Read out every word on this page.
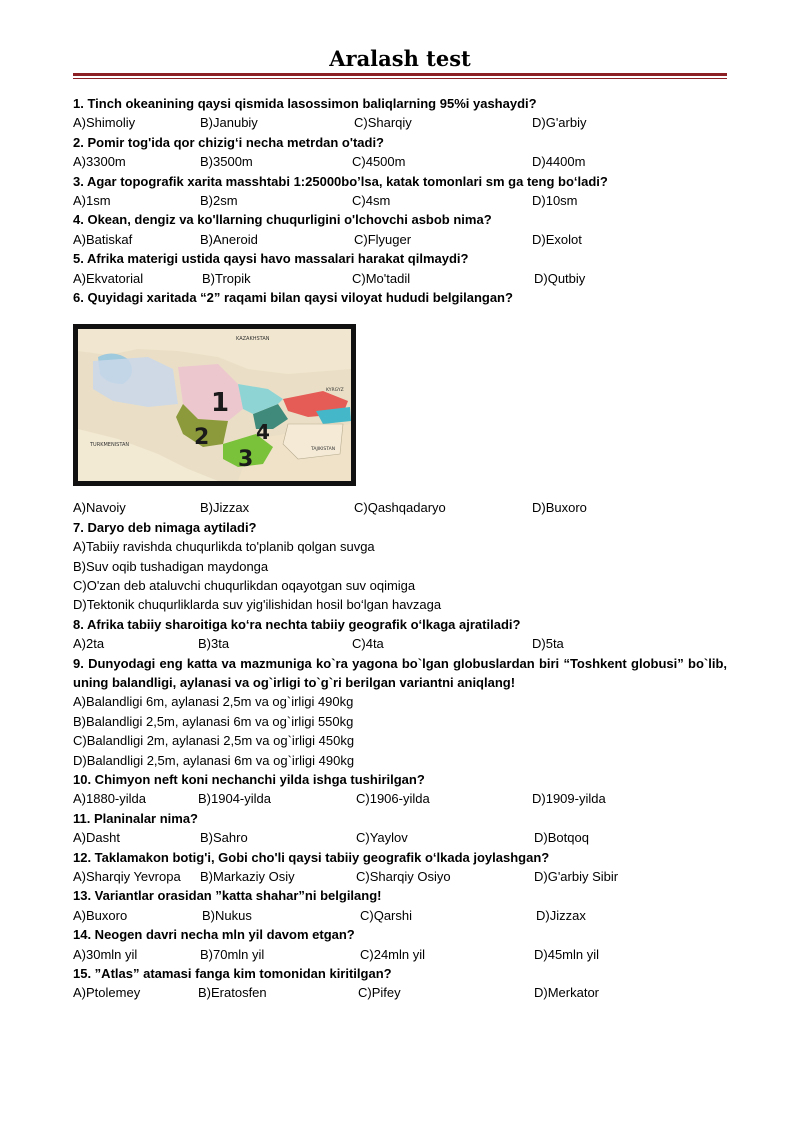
Aralash test
1. Tinch okeanining qaysi qismida lasossimon baliqlarning 95%i yashaydi?
A)Shimoliy	B)Janubiy	C)Sharqiy	D)G'arbiy
2. Pomir tog'ida qor chizig‘i necha metrdan o'tadi?
A)3300m	B)3500m	C)4500m	D)4400m
3. Agar topografik xarita masshtabi 1:25000bo’lsa, katak tomonlari sm ga teng bo‘ladi?
A)1sm	B)2sm	C)4sm	D)10sm
4. Okean, dengiz va ko'llarning chuqurligini o'lchovchi asbob nima?
A)Batiskaf	B)Aneroid	C)Flyuger	D)Exolot
5. Afrika materigi ustida qaysi havo massalari harakat qilmaydi?
A)Ekvatorial	B)Tropik	C)Mo'tadil	D)Qutbiy
6. Quyidagi xaritada “2” raqami bilan qaysi viloyat hududi belgilangan?
KAZAKHSTAN
KYRGYZ
TURKMENISTAN
TAJIKISTAN
1
2
3
4
A)Navoiy	B)Jizzax	C)Qashqadaryo	D)Buxoro
7. Daryo deb nimaga aytiladi?
A)Tabiiy ravishda chuqurlikda to'planib qolgan suvga
B)Suv oqib tushadigan maydonga
C)O'zan deb ataluvchi chuqurlikdan oqayotgan suv oqimiga
D)Tektonik chuqurliklarda suv yig'ilishidan hosil bo‘lgan havzaga
8. Afrika tabiiy sharoitiga ko‘ra nechta tabiiy geografik o‘lkaga ajratiladi?
A)2ta	B)3ta	C)4ta	D)5ta
9. Dunyodagi eng katta va mazmuniga ko`ra yagona bo`lgan globuslardan biri “Toshkent globusi” bo`lib, uning balandligi, aylanasi va og`irligi to`g`ri berilgan variantni aniqlang!
A)Balandligi 6m, aylanasi 2,5m va og`irligi 490kg
B)Balandligi 2,5m, aylanasi 6m va og`irligi 550kg
C)Balandligi 2m, aylanasi 2,5m va og`irligi 450kg
D)Balandligi 2,5m, aylanasi 6m va og`irligi 490kg
10. Chimyon neft koni nechanchi yilda ishga tushirilgan?
A)1880-yilda	B)1904-yilda	C)1906-yilda	D)1909-yilda
11. Planinalar nima?
A)Dasht	B)Sahro	C)Yaylov	D)Botqoq
12. Taklamakon botig'i, Gobi cho'li qaysi tabiiy geografik o‘lkada joylashgan?
A)Sharqiy Yevropa B)Markaziy Osiy	C)Sharqiy Osiyo	D)G'arbiy Sibir
13. Variantlar orasidan ”katta shahar”ni belgilang!
A)Buxoro	B)Nukus	C)Qarshi	D)Jizzax
14. Neogen davri necha mln yil davom etgan?
A)30mln yil	B)70mln yil	C)24mln yil	D)45mln yil
15. ”Atlas” atamasi fanga kim tomonidan kiritilgan?
A)Ptolemey	B)Eratosfen	C)Pifey	D)Merkator
